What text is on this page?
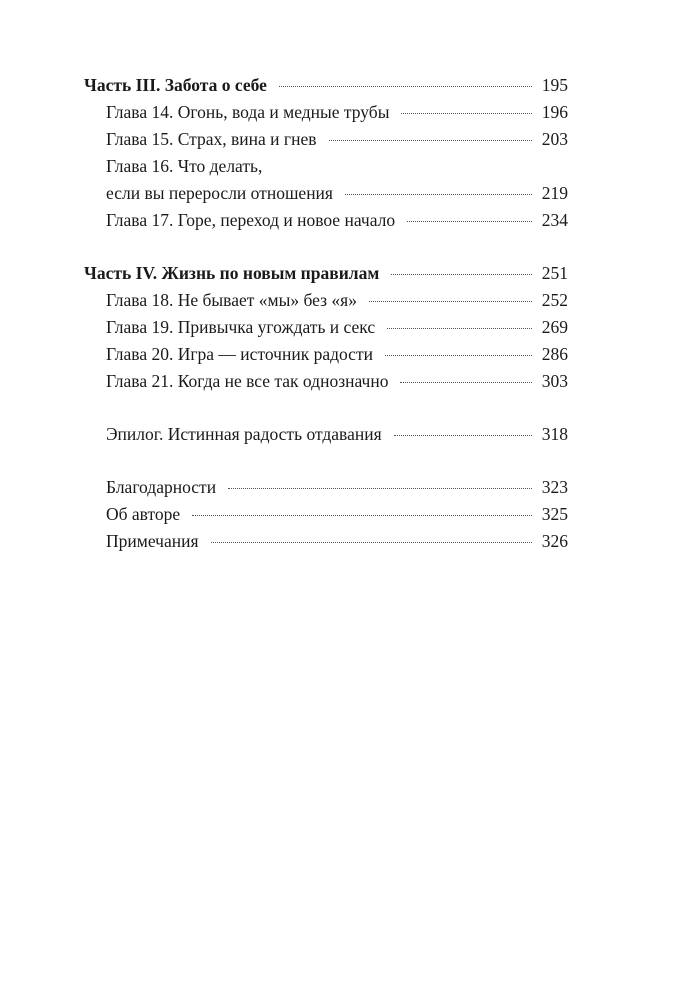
Часть III. Забота о себе	195
Глава 14. Огонь, вода и медные трубы	196
Глава 15. Страх, вина и гнев	203
Глава 16. Что делать,
если вы переросли отношения	219
Глава 17. Горе, переход и новое начало	234
Часть IV. Жизнь по новым правилам	251
Глава 18. Не бывает «мы» без «я»	252
Глава 19. Привычка угождать и секс	269
Глава 20. Игра — источник радости	286
Глава 21. Когда не все так однозначно	303
Эпилог. Истинная радость отдавания	318
Благодарности	323
Об авторе	325
Примечания	326
